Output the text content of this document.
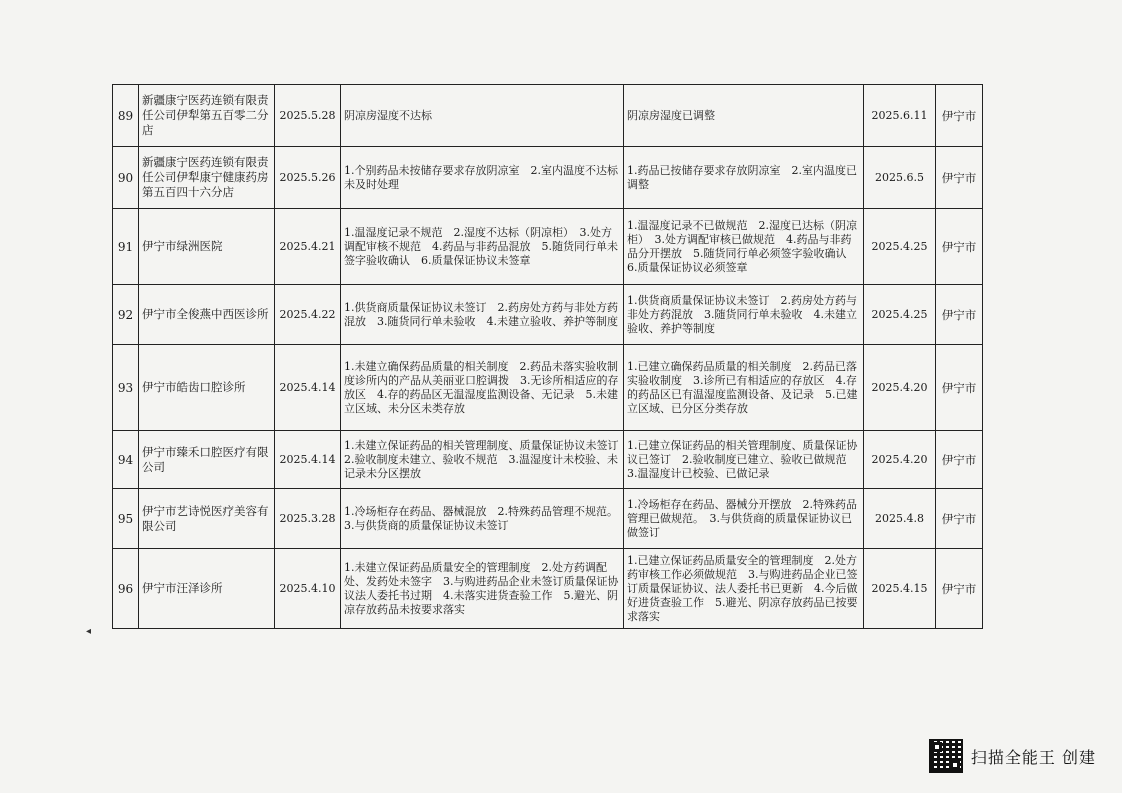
89	新疆康宁医药连锁有限责任公司伊犁第五百零二分店	2025.5.28	阴凉房湿度不达标	阴凉房湿度已调整	2025.6.11	伊宁市
90	新疆康宁医药连锁有限责任公司伊犁康宁健康药房第五百四十六分店	2025.5.26	1.个别药品未按储存要求存放阴凉室　2.室内温度不达标未及时处理	1.药品已按储存要求存放阴凉室　2.室内温度已调整	2025.6.5	伊宁市
91	伊宁市绿洲医院	2025.4.21	1.温湿度记录不规范　2.湿度不达标（阴凉柜）　3.处方调配审核不规范　4.药品与非药品混放　5.随货同行单未签字验收确认　6.质量保证协议未签章	1.温湿度记录不已做规范　2.湿度已达标（阴凉柜）　3.处方调配审核已做规范　4.药品与非药品分开摆放　5.随货同行单必须签字验收确认　6.质量保证协议必须签章	2025.4.25	伊宁市
92	伊宁市全俊燕中西医诊所	2025.4.22	1.供货商质量保证协议未签订　2.药房处方药与非处方药混放　3.随货同行单未验收　4.未建立验收、养护等制度	1.供货商质量保证协议未签订　2.药房处方药与非处方药混放　3.随货同行单未验收　4.未建立验收、养护等制度	2025.4.25	伊宁市
93	伊宁市皓齿口腔诊所	2025.4.14	1.未建立确保药品质量的相关制度　2.药品未落实验收制度诊所内的产品从美丽亚口腔调拨　3.无诊所相适应的存放区　4.存的药品区无温湿度监测设备、无记录　5.未建立区域、未分区未类存放	1.已建立确保药品质量的相关制度　2.药品已落实验收制度　3.诊所已有相适应的存放区　4.存的药品区已有温湿度监测设备、及记录　5.已建立区域、已分区分类存放	2025.4.20	伊宁市
94	伊宁市臻禾口腔医疗有限公司	2025.4.14	1.未建立保证药品的相关管理制度、质量保证协议未签订　2.验收制度未建立、验收不规范　3.温湿度计未校验、未记录未分区摆放	1.已建立保证药品的相关管理制度、质量保证协议已签订　2.验收制度已建立、验收已做规范　3.温湿度计已校验、已做记录	2025.4.20	伊宁市
95	伊宁市艺诗悦医疗美容有限公司	2025.3.28	1.冷场柜存在药品、器械混放　2.特殊药品管理不规范。　3.与供货商的质量保证协议未签订	1.冷场柜存在药品、器械分开摆放　2.特殊药品管理已做规范。　3.与供货商的质量保证协议已做签订	2025.4.8	伊宁市
96	伊宁市汪泽诊所	2025.4.10	1.未建立保证药品质量安全的管理制度　2.处方药调配处、发药处未签字　3.与购进药品企业未签订质量保证协议法人委托书过期　4.未落实进货查验工作　5.避光、阴凉存放药品未按要求落实	1.已建立保证药品质量安全的管理制度　2.处方药审核工作必须做规范　3.与购进药品企业已签订质量保证协议、法人委托书已更新　4.今后做好进货查验工作　5.避光、阴凉存放药品已按要求落实	2025.4.15	伊宁市
◂
扫描全能王 创建
